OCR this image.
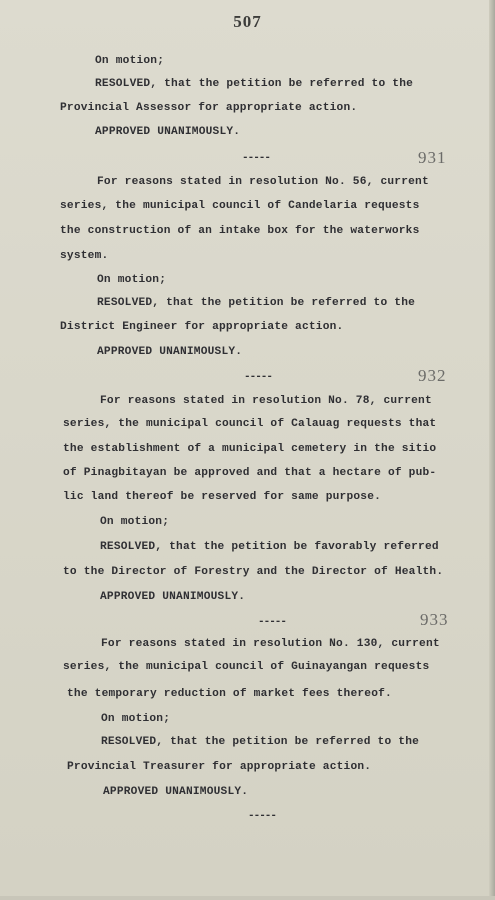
507
On motion;
RESOLVED, that the petition be referred to the
Provincial Assessor for appropriate action.
APPROVED UNANIMOUSLY.
-----	931
For reasons stated in resolution No. 56, current
series, the municipal council of Candelaria requests
the construction of an intake box for the waterworks
system.
On motion;
RESOLVED, that the petition be referred to the
District Engineer for appropriate action.
APPROVED UNANIMOUSLY.
-----	932
For reasons stated in resolution No. 78, current
series, the municipal council of Calauag requests that
the establishment of a municipal cemetery in the sitio
of Pinagbitayan be approved and that a hectare of pub-
lic land thereof be reserved for same purpose.
On motion;
RESOLVED, that the petition be favorably referred
to the Director of Forestry and the Director of Health.
APPROVED UNANIMOUSLY.
-----	933
For reasons stated in resolution No. 130, current
series, the municipal council of Guinayangan requests
the temporary reduction of market fees thereof.
On motion;
RESOLVED, that the petition be referred to the
Provincial Treasurer for appropriate action.
APPROVED UNANIMOUSLY.
-----
